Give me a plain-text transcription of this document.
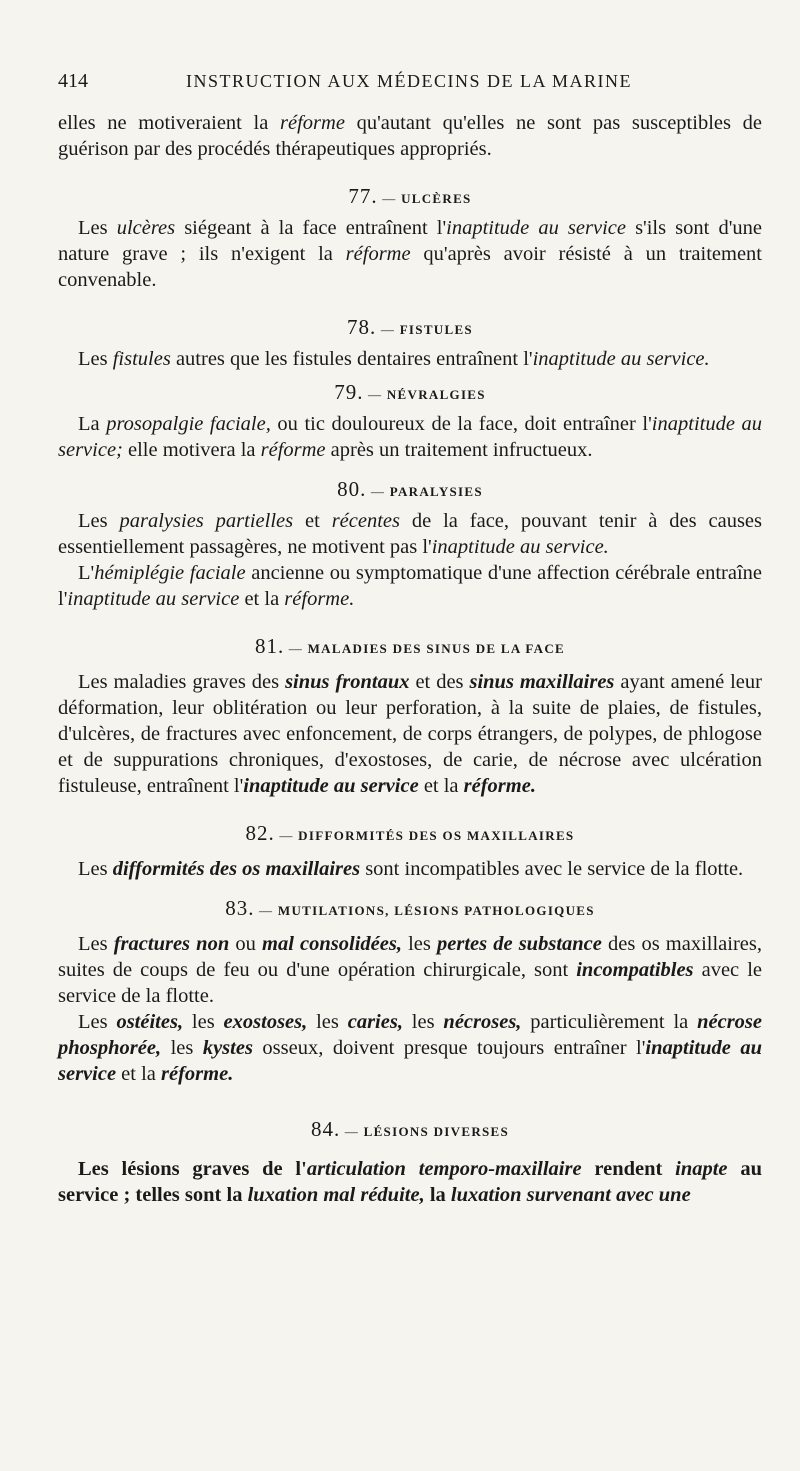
414	INSTRUCTION AUX MÉDECINS DE LA MARINE

elles ne motiveraient la réforme qu'autant qu'elles ne sont pas susceptibles de guérison par des procédés thérapeutiques appropriés.

77. — ULCÈRES

Les ulcères siégeant à la face entraînent l'inaptitude au service s'ils sont d'une nature grave ; ils n'exigent la réforme qu'après avoir résisté à un traitement convenable.

78. — FISTULES

Les fistules autres que les fistules dentaires entraînent l'inaptitude au service.

79. — NÉVRALGIES

La prosopalgie faciale, ou tic douloureux de la face, doit entraîner l'inaptitude au service; elle motivera la réforme après un traitement infructueux.

80. — PARALYSIES

Les paralysies partielles et récentes de la face, pouvant tenir à des causes essentiellement passagères, ne motivent pas l'inaptitude au service.

L'hémiplégie faciale ancienne ou symptomatique d'une affection cérébrale entraîne l'inaptitude au service et la réforme.

81. — MALADIES DES SINUS DE LA FACE

Les maladies graves des sinus frontaux et des sinus maxillaires ayant amené leur déformation, leur oblitération ou leur perforation, à la suite de plaies, de fistules, d'ulcères, de fractures avec enfoncement, de corps étrangers, de polypes, de phlogose et de suppurations chroniques, d'exostoses, de carie, de nécrose avec ulcération fistuleuse, entraînent l'inaptitude au service et la réforme.

82. — DIFFORMITÉS DES OS MAXILLAIRES

Les difformités des os maxillaires sont incompatibles avec le service de la flotte.

83. — MUTILATIONS, LÉSIONS PATHOLOGIQUES

Les fractures non ou mal consolidées, les pertes de substance des os maxillaires, suites de coups de feu ou d'une opération chirurgicale, sont incompatibles avec le service de la flotte.

Les ostéites, les exostoses, les caries, les nécroses, particulièrement la nécrose phosphorée, les kystes osseux, doivent presque toujours entraîner l'inaptitude au service et la réforme.

84. — LÉSIONS DIVERSES

Les lésions graves de l'articulation temporo-maxillaire rendent inapte au service ; telles sont la luxation mal réduite, la luxation survenant avec une
